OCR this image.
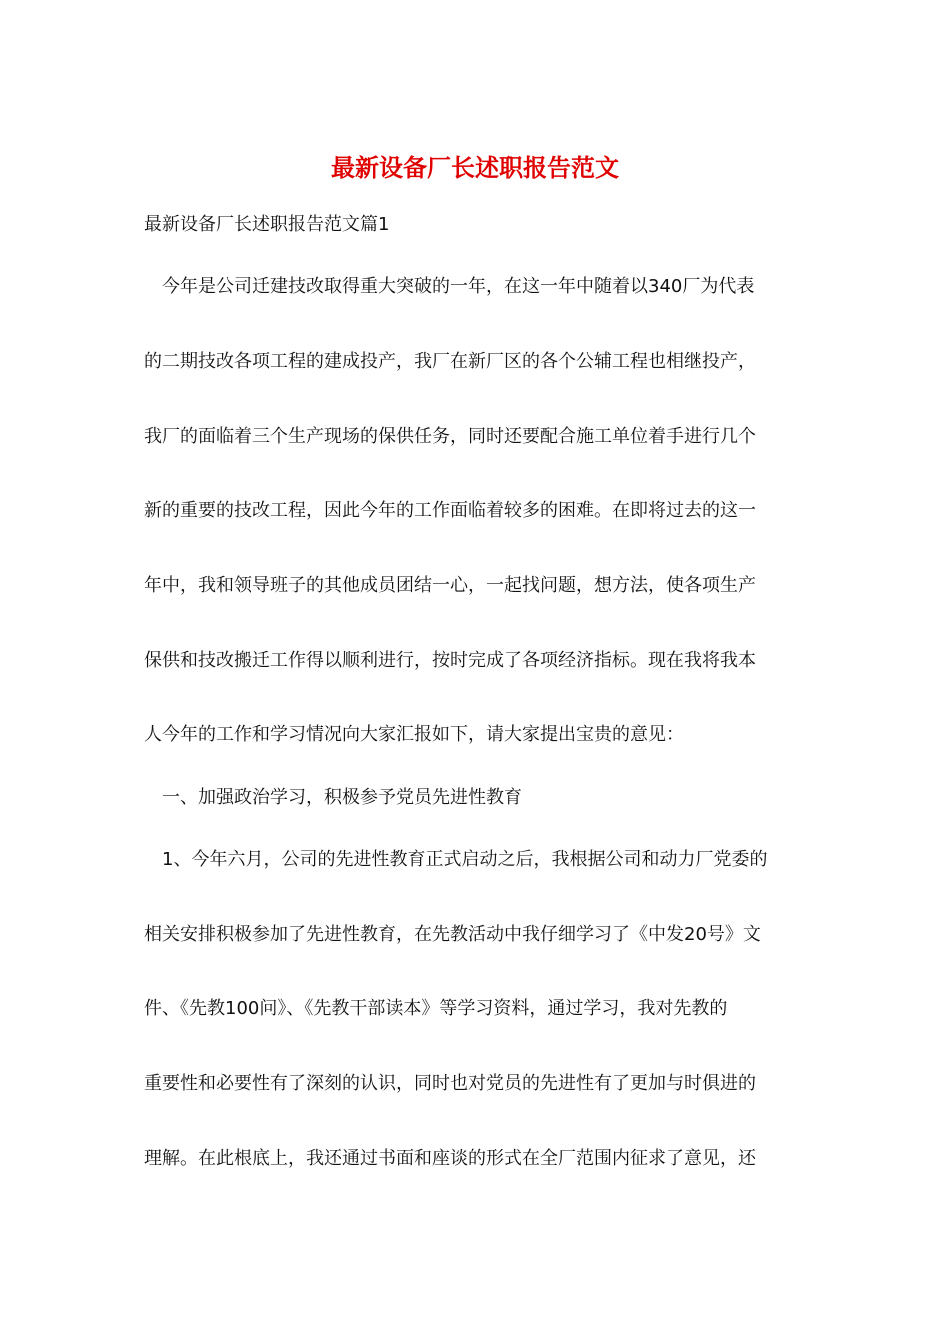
最新设备厂长述职报告范文
最新设备厂长述职报告范文篇1
今年是公司迁建技改取得重大突破的一年，在这一年中随着以340厂为代表
的二期技改各项工程的建成投产，我厂在新厂区的各个公辅工程也相继投产，
我厂的面临着三个生产现场的保供任务，同时还要配合施工单位着手进行几个
新的重要的技改工程，因此今年的工作面临着较多的困难。在即将过去的这一
年中，我和领导班子的其他成员团结一心，一起找问题，想方法，使各项生产
保供和技改搬迁工作得以顺利进行，按时完成了各项经济指标。现在我将我本
人今年的工作和学习情况向大家汇报如下，请大家提出宝贵的意见：
一、加强政治学习，积极参予党员先进性教育
1、今年六月，公司的先进性教育正式启动之后，我根据公司和动力厂党委的
相关安排积极参加了先进性教育，在先教活动中我仔细学习了《中发20号》文
件、《先教100问》、《先教干部读本》等学习资料，通过学习，我对先教的
重要性和必要性有了深刻的认识，同时也对党员的先进性有了更加与时俱进的
理解。在此根底上，我还通过书面和座谈的形式在全厂范围内征求了意见，还
